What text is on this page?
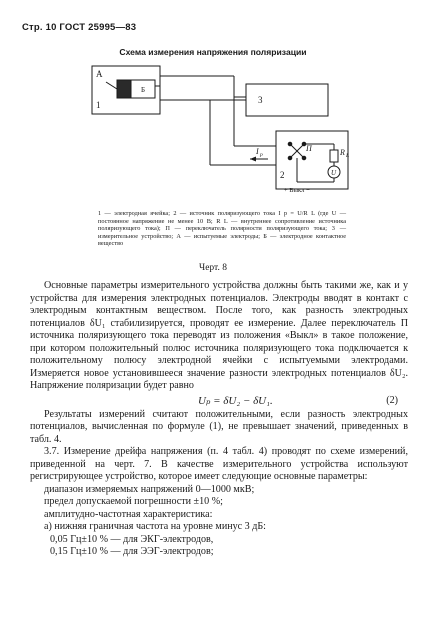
Стр. 10 ГОСТ 25995—83
Схема измерения напряжения поляризации
А
1
Б
3
П	R L
U
2
I p
+ Выкл −
1 — электродная ячейка; 2 — источник поляризующего тока I p = U/R L (где U — постоянное напряжение не менее 10 В; R L — внутреннее сопротивление источника поляризующего тока); П — переключатель полярности поляризующего тока; 3 — измерительное устройство; А — испытуемые электроды; Б — электродное контактное вещество
Черт. 8

Основные параметры измерительного устройства должны быть такими же, как и у устройства для измерения электродных потенциалов. Электроды вводят в контакт с электродным контактным веществом. После того, как разность электродных потенциалов δU₁ стабилизируется, проводят ее измерение. Далее переключатель П источника поляризующего тока переводят из положения «Выкл» в такое положение, при котором положительный полюс источника поляризующего тока подключается к положительному полюсу электродной ячейки с испытуемыми электродами. Измеряется новое установившееся значение разности электродных потенциалов δU₂. Напряжение поляризации будет равно

Uₚ = δU₂ − δU₁.	(2)

Результаты измерений считают положительными, если разность электродных потенциалов, вычисленная по формуле (1), не превышает значений, приведенных в табл. 4.

3.7. Измерение дрейфа напряжения (п. 4 табл. 4) проводят по схеме измерений, приведенной на черт. 7. В качестве измерительного устройства используют регистрирующее устройство, которое имеет следующие основные параметры:

диапазон измеряемых напряжений 0—1000 мкВ;
предел допускаемой погрешности ±10 %;
амплитудно-частотная характеристика:
а) нижняя граничная частота на уровне минус 3 дБ:
0,05 Гц±10 % — для ЭКГ-электродов,
0,15 Гц±10 % — для ЭЭГ-электродов;
